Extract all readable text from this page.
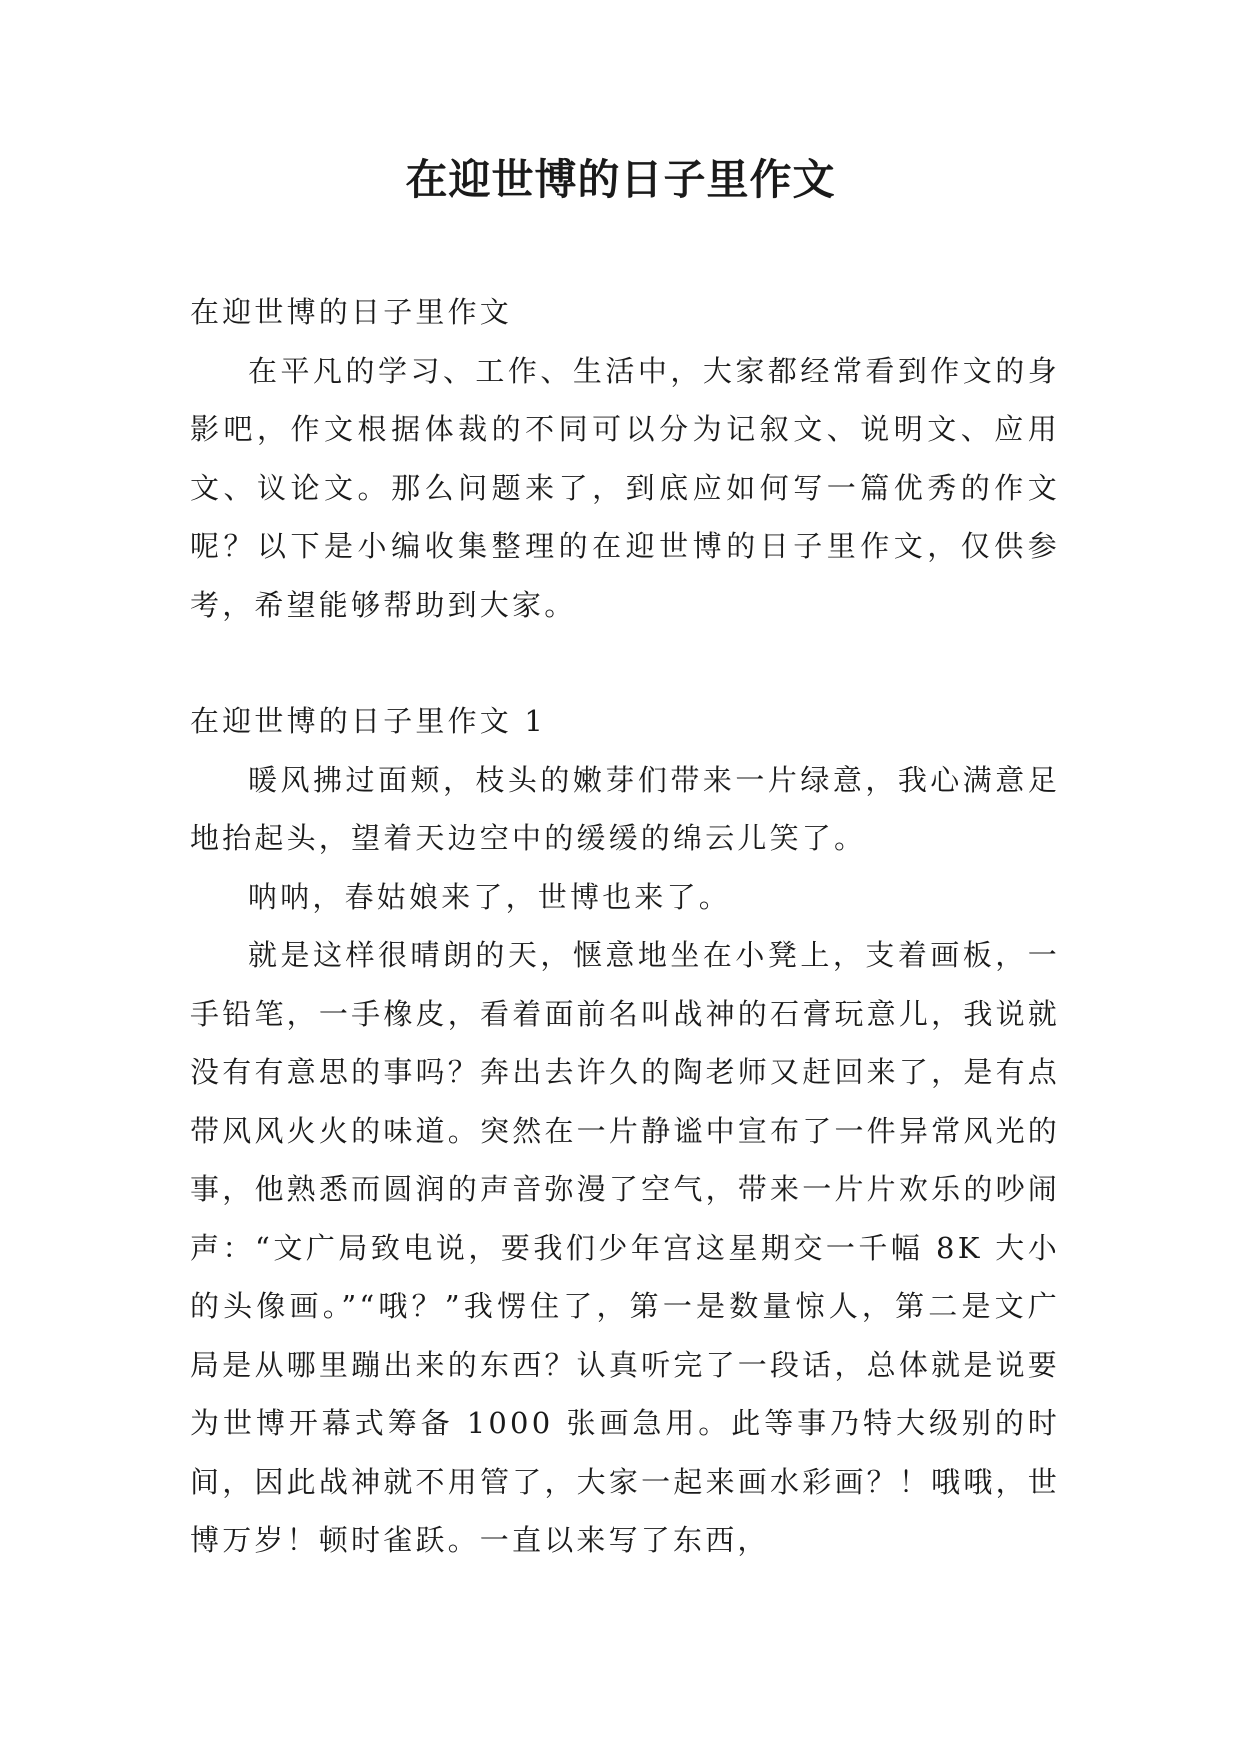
在迎世博的日子里作文

在迎世博的日子里作文

在平凡的学习、工作、生活中，大家都经常看到作文的身影吧，作文根据体裁的不同可以分为记叙文、说明文、应用文、议论文。那么问题来了，到底应如何写一篇优秀的作文呢？以下是小编收集整理的在迎世博的日子里作文，仅供参考，希望能够帮助到大家。

在迎世博的日子里作文 1

暖风拂过面颊，枝头的嫩芽们带来一片绿意，我心满意足地抬起头，望着天边空中的缓缓的绵云儿笑了。

呐呐，春姑娘来了，世博也来了。

就是这样很晴朗的天，惬意地坐在小凳上，支着画板，一手铅笔，一手橡皮，看着面前名叫战神的石膏玩意儿，我说就没有有意思的事吗？奔出去许久的陶老师又赶回来了，是有点带风风火火的味道。突然在一片静谧中宣布了一件异常风光的事，他熟悉而圆润的声音弥漫了空气，带来一片片欢乐的吵闹声：“文广局致电说，要我们少年宫这星期交一千幅 8K 大小的头像画。”“哦？”我愣住了，第一是数量惊人，第二是文广局是从哪里蹦出来的东西？认真听完了一段话，总体就是说要为世博开幕式筹备 1000 张画急用。此等事乃特大级别的时间，因此战神就不用管了，大家一起来画水彩画？！哦哦，世博万岁！顿时雀跃。一直以来写了东西，
